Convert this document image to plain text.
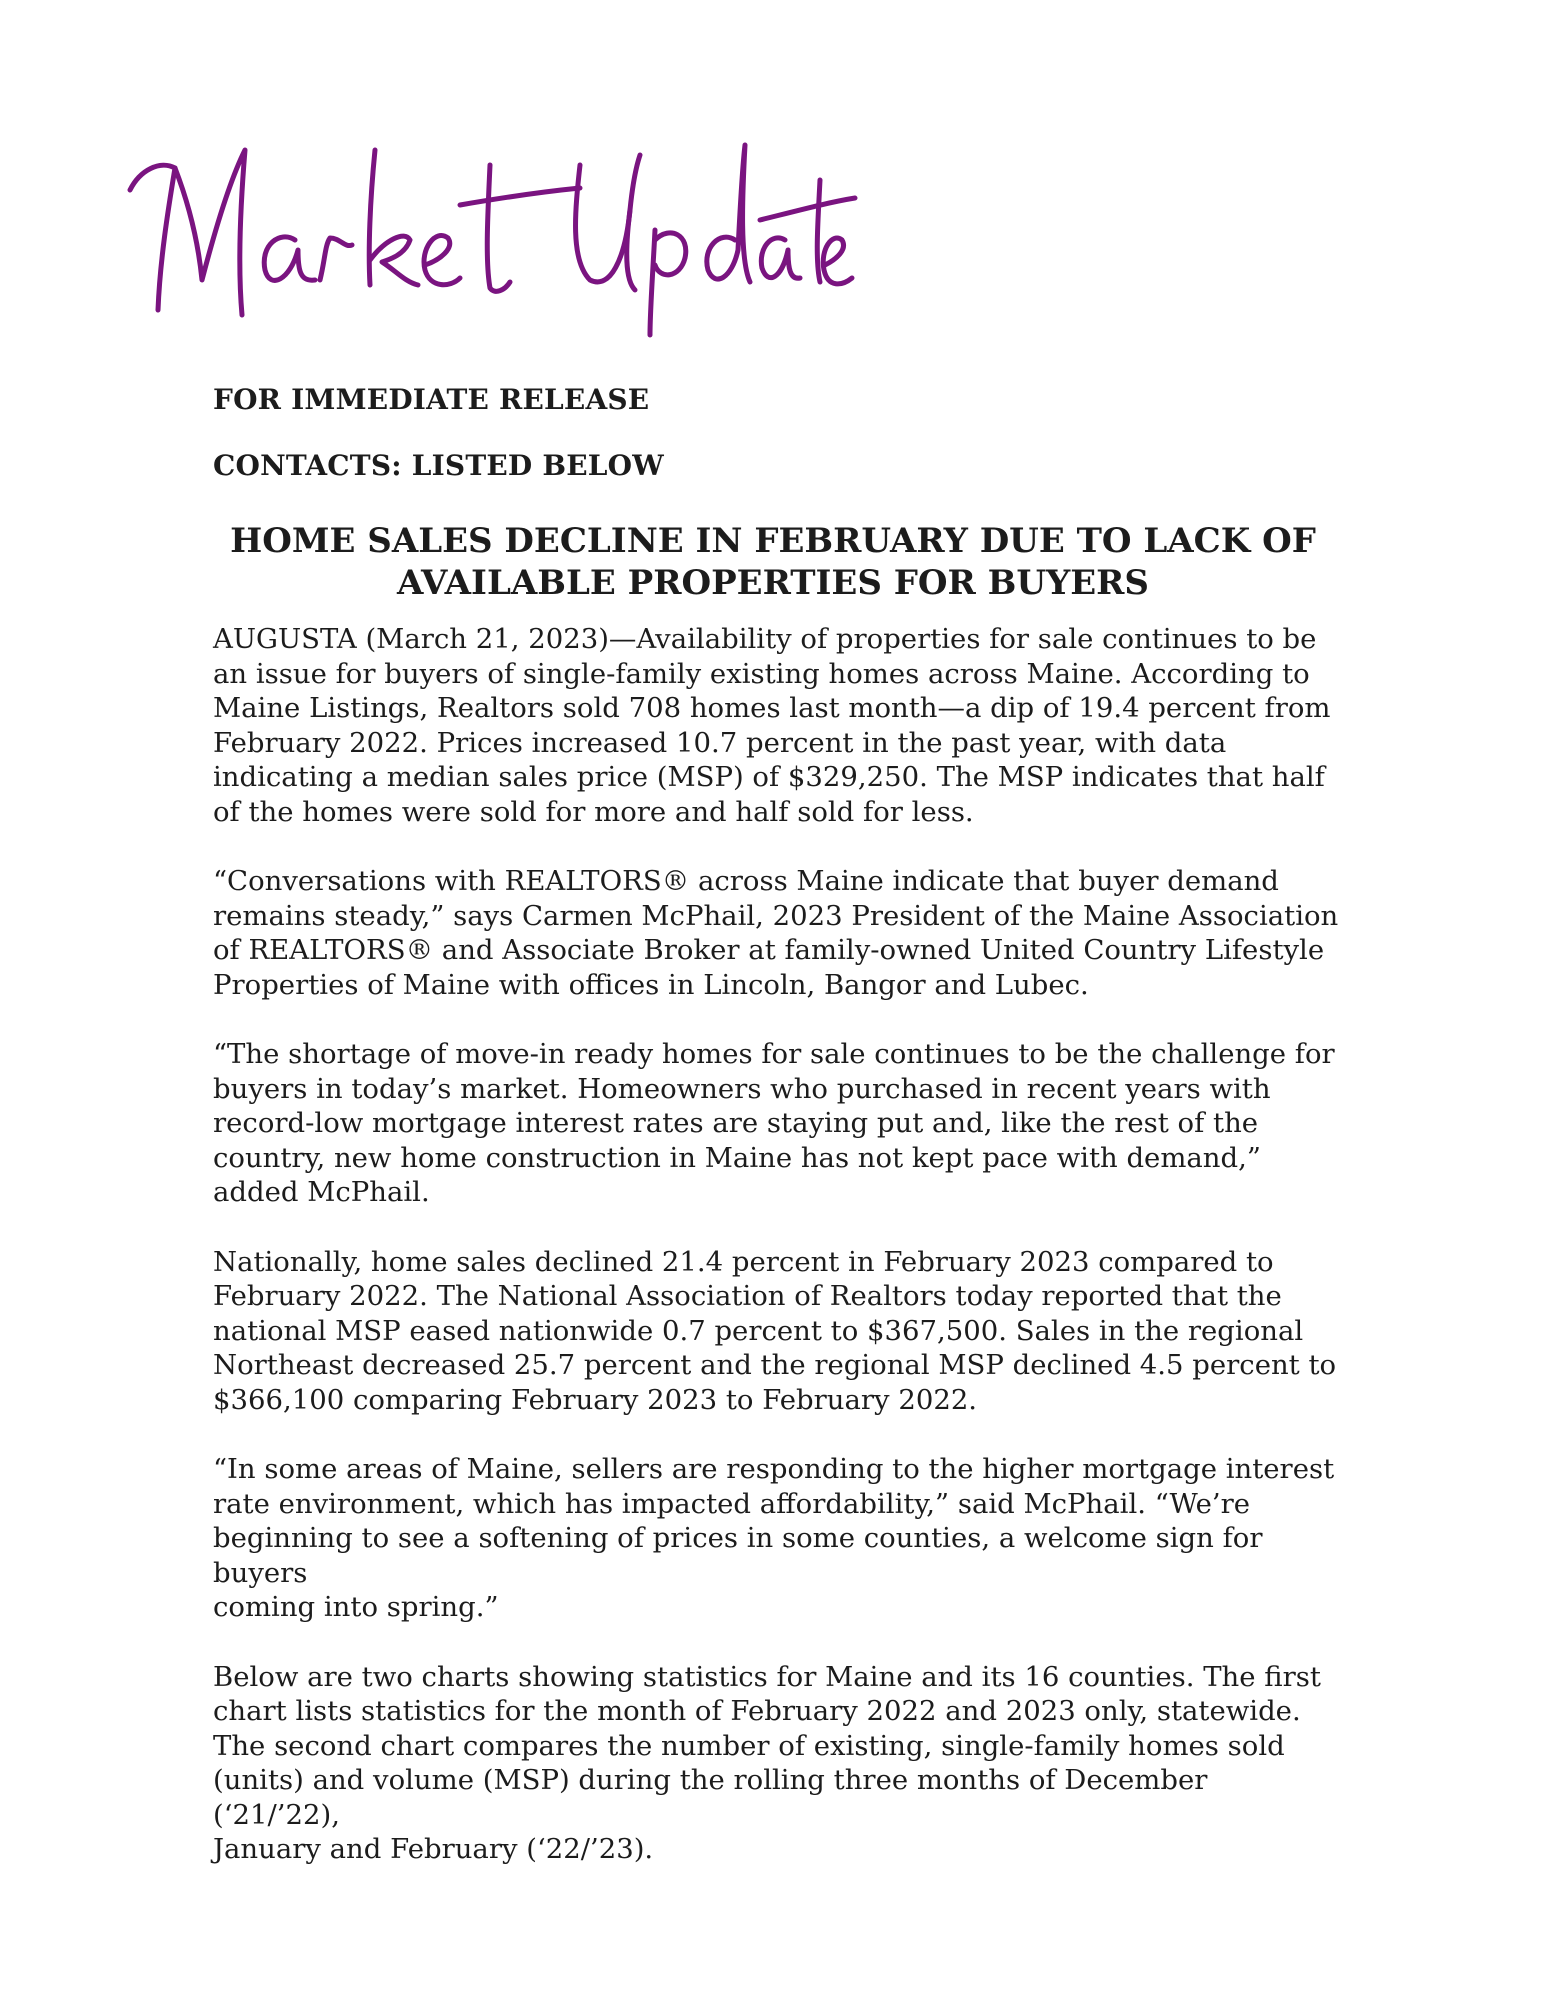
FOR IMMEDIATE RELEASE
CONTACTS: LISTED BELOW
HOME SALES DECLINE IN FEBRUARY DUE TO LACK OF
AVAILABLE PROPERTIES FOR BUYERS

AUGUSTA (March 21, 2023)—Availability of properties for sale continues to be
an issue for buyers of single-family existing homes across Maine. According to
Maine Listings, Realtors sold 708 homes last month—a dip of 19.4 percent from
February 2022. Prices increased 10.7 percent in the past year, with data
indicating a median sales price (MSP) of $329,250. The MSP indicates that half
of the homes were sold for more and half sold for less.

“Conversations with REALTORS® across Maine indicate that buyer demand
remains steady,” says Carmen McPhail, 2023 President of the Maine Association
of REALTORS® and Associate Broker at family-owned United Country Lifestyle
Properties of Maine with offices in Lincoln, Bangor and Lubec.

“The shortage of move-in ready homes for sale continues to be the challenge for
buyers in today’s market. Homeowners who purchased in recent years with
record-low mortgage interest rates are staying put and, like the rest of the
country, new home construction in Maine has not kept pace with demand,”
added McPhail.

Nationally, home sales declined 21.4 percent in February 2023 compared to
February 2022. The National Association of Realtors today reported that the
national MSP eased nationwide 0.7 percent to $367,500. Sales in the regional
Northeast decreased 25.7 percent and the regional MSP declined 4.5 percent to
$366,100 comparing February 2023 to February 2022.

“In some areas of Maine, sellers are responding to the higher mortgage interest
rate environment, which has impacted affordability,” said McPhail. “We’re
beginning to see a softening of prices in some counties, a welcome sign for buyers
coming into spring.”

Below are two charts showing statistics for Maine and its 16 counties. The first
chart lists statistics for the month of February 2022 and 2023 only, statewide.
The second chart compares the number of existing, single-family homes sold
(units) and volume (MSP) during the rolling three months of December (‘21/’22),
January and February (‘22/’23).
